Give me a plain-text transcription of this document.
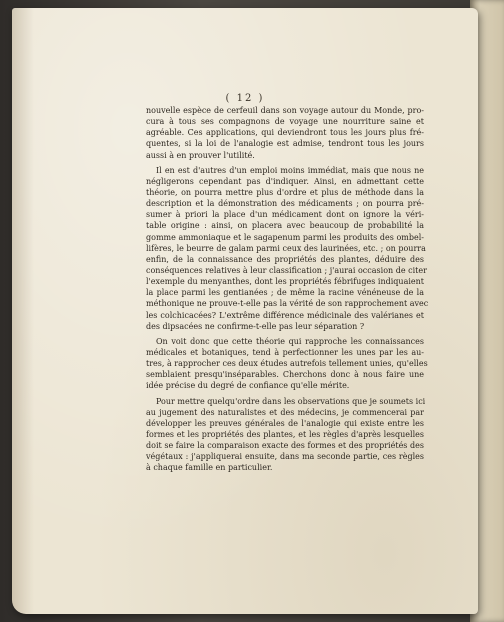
( 12 )
nouvelle espèce de cerfeuil dans son voyage autour du Monde, pro-
cura à tous ses compagnons de voyage une nourriture saine et
agréable. Ces applications, qui deviendront tous les jours plus fré-
quentes, si la loi de l'analogie est admise, tendront tous les jours
aussi à en prouver l'utilité.
Il en est d'autres d'un emploi moins immédiat, mais que nous ne
négligerons cependant pas d'indiquer. Ainsi, en admettant cette
théorie, on pourra mettre plus d'ordre et plus de méthode dans la
description et la démonstration des médicaments ; on pourra pré-
sumer à priori la place d'un médicament dont on ignore la véri-
table origine : ainsi, on placera avec beaucoup de probabilité la
gomme ammoniaque et le sagapenum parmi les produits des ombel-
lifères, le beurre de galam parmi ceux des laurinées, etc. ; on pourra
enfin, de la connaissance des propriétés des plantes, déduire des
conséquences relatives à leur classification ; j'aurai occasion de citer
l'exemple du menyanthes, dont les propriétés fébrifuges indiquaient
la place parmi les gentianées ; de même la racine vénéneuse de la
méthonique ne prouve-t-elle pas la vérité de son rapprochement avec
les colchicacées? L'extrême différence médicinale des valérianes et
des dipsacées ne confirme-t-elle pas leur séparation ?
On voit donc que cette théorie qui rapproche les connaissances
médicales et botaniques, tend à perfectionner les unes par les au-
tres, à rapprocher ces deux études autrefois tellement unies, qu'elles
semblaient presqu'inséparables. Cherchons donc à nous faire une
idée précise du degré de confiance qu'elle mérite.
Pour mettre quelqu'ordre dans les observations que je soumets ici
au jugement des naturalistes et des médecins, je commencerai par
développer les preuves générales de l'analogie qui existe entre les
formes et les propriétés des plantes, et les règles d'après lesquelles
doit se faire la comparaison exacte des formes et des propriétés des
végétaux : j'appliquerai ensuite, dans ma seconde partie, ces règles
à chaque famille en particulier.
